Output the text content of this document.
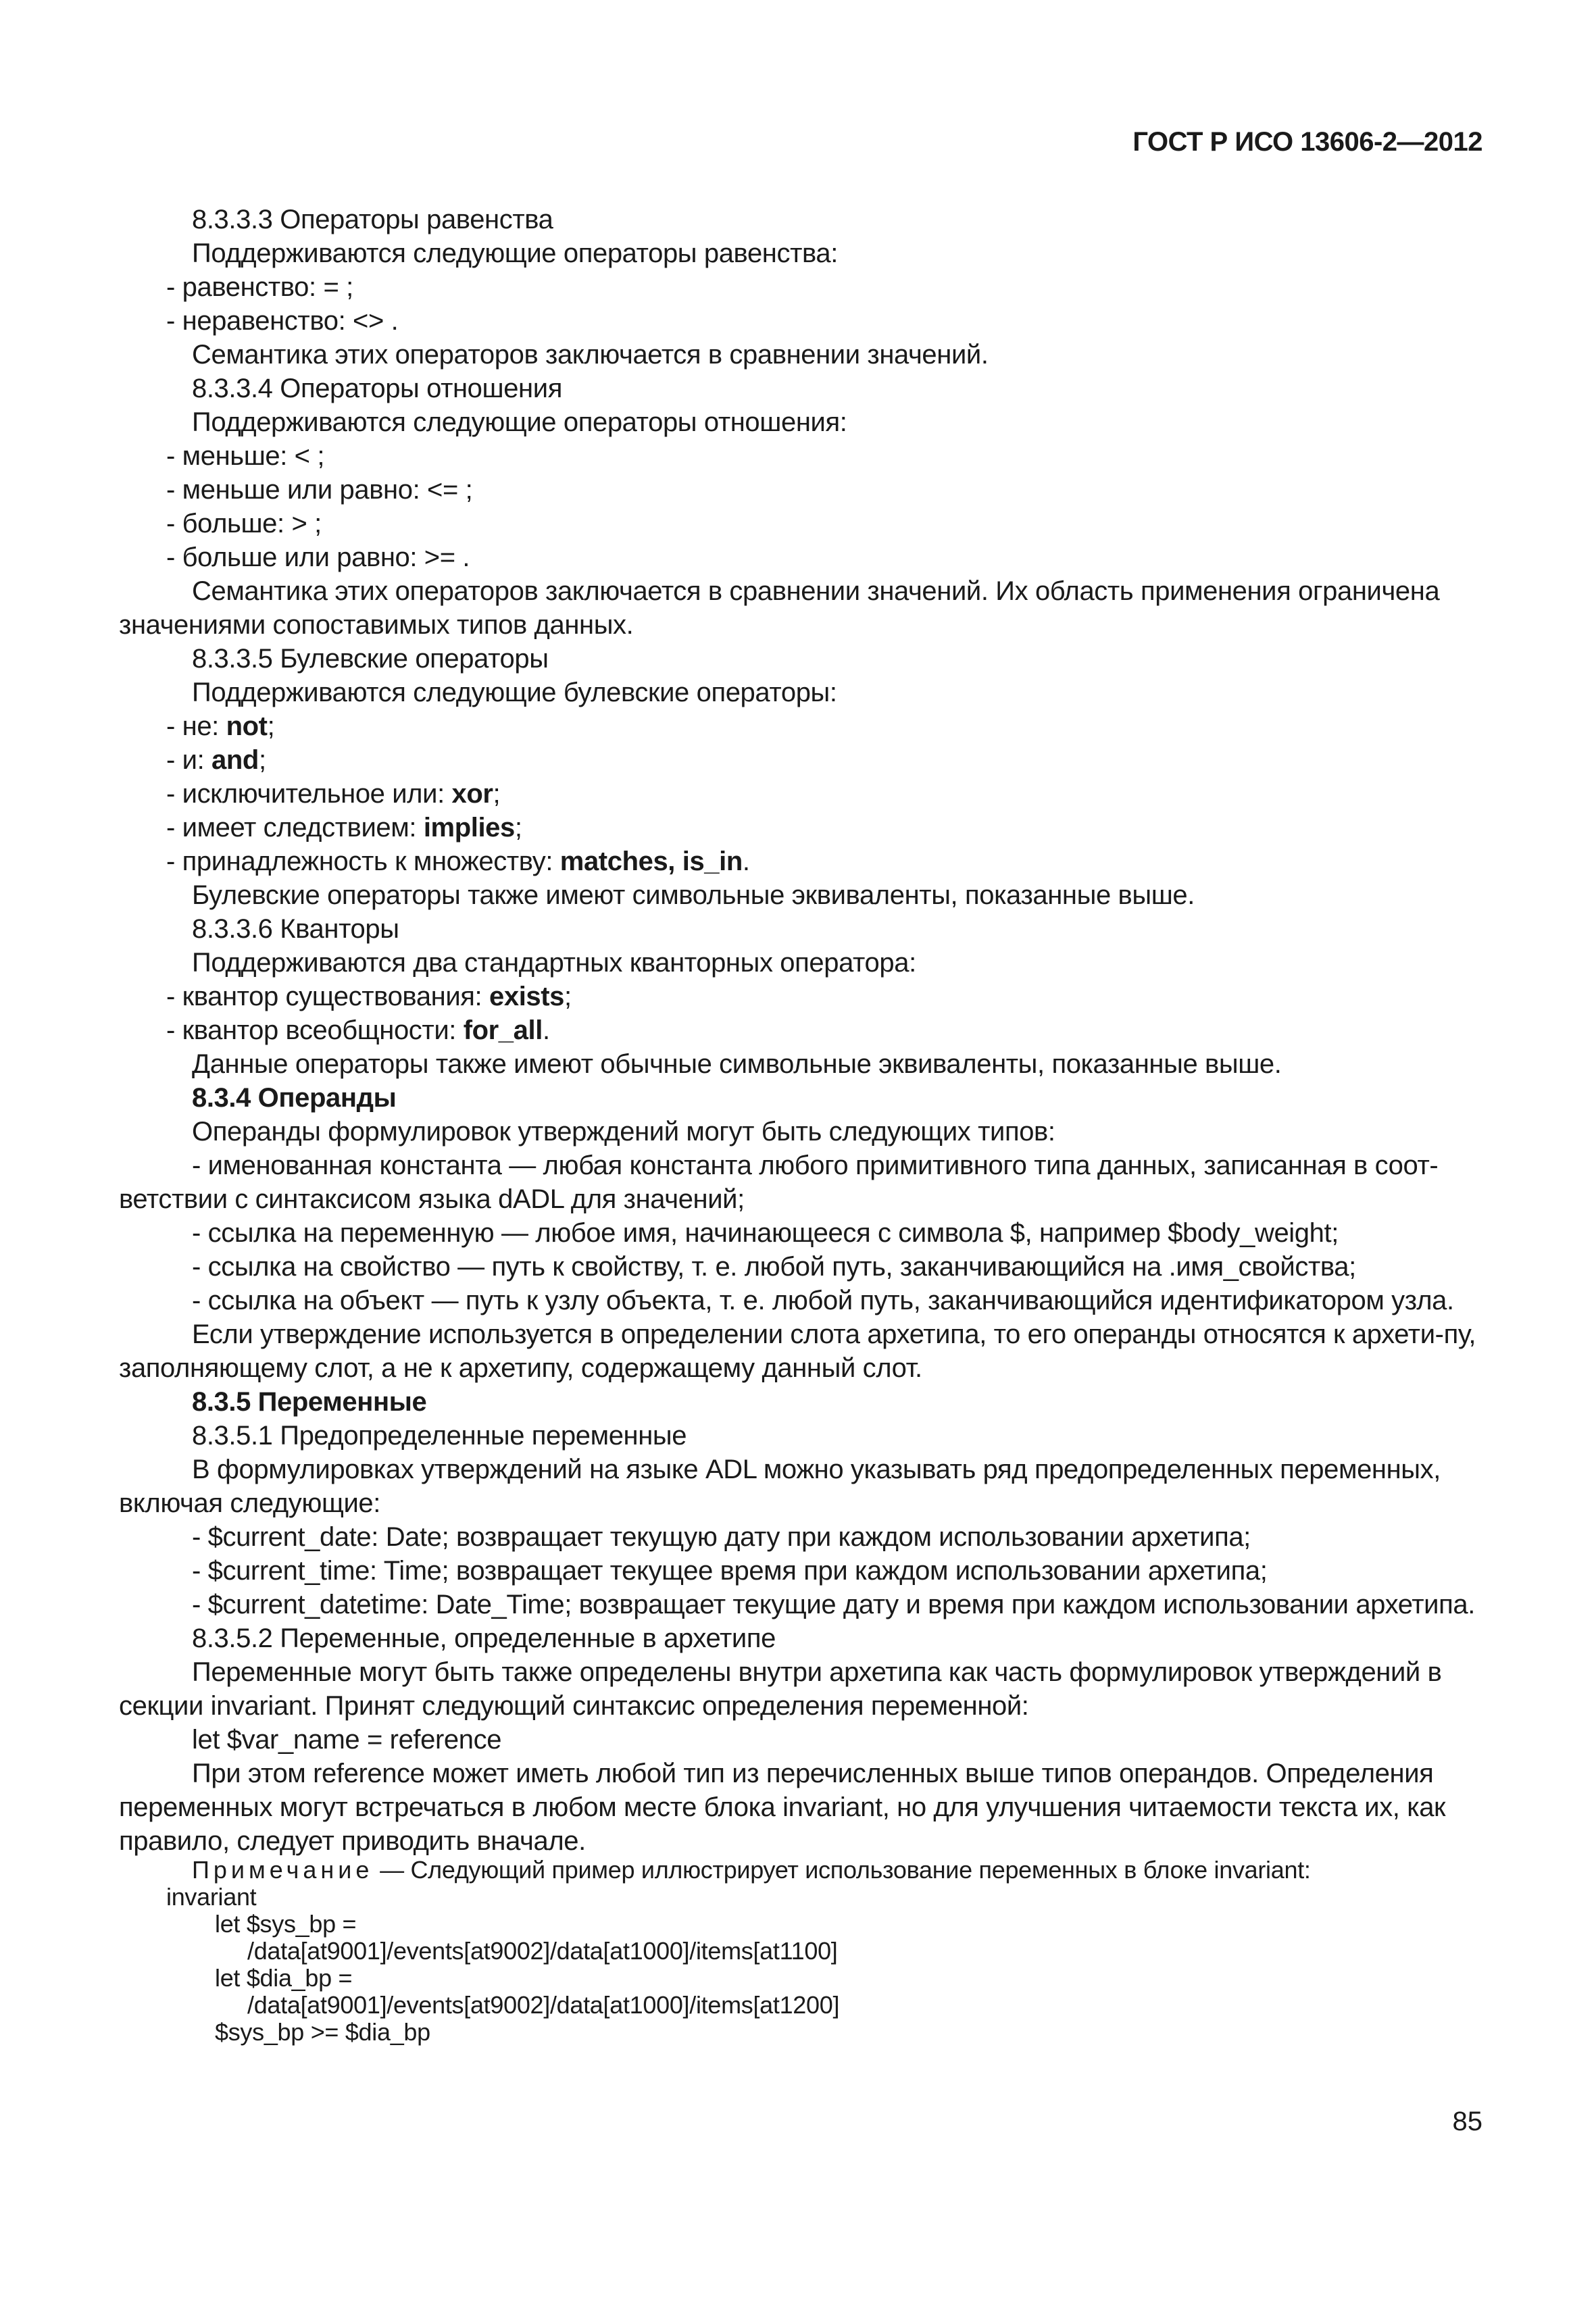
ГОСТ Р ИСО 13606-2—2012

8.3.3.3 Операторы равенства

Поддерживаются следующие операторы равенства:

- равенство: = ;

- неравенство: <> .

Семантика этих операторов заключается в сравнении значений.

8.3.3.4 Операторы отношения

Поддерживаются следующие операторы отношения:

- меньше: < ;

- меньше или равно: <= ;

- больше: > ;

- больше или равно: >= .

Семантика этих операторов заключается в сравнении значений. Их область применения ограничена значениями сопоставимых типов данных.

8.3.3.5 Булевские операторы

Поддерживаются следующие булевские операторы:

- не: not;

- и: and;

- исключительное или: xor;

- имеет следствием: implies;

- принадлежность к множеству: matches, is_in.

Булевские операторы также имеют символьные эквиваленты, показанные выше.

8.3.3.6 Кванторы

Поддерживаются два стандартных кванторных оператора:

- квантор существования: exists;

- квантор всеобщности: for_all.

Данные операторы также имеют обычные символьные эквиваленты, показанные выше.

8.3.4 Операнды

Операнды формулировок утверждений могут быть следующих типов:

- именованная константа — любая константа любого примитивного типа данных, записанная в соот-ветствии с синтаксисом языка dADL для значений;

- ссылка на переменную — любое имя, начинающееся с символа $, например $body_weight;

- ссылка на свойство — путь к свойству, т. е. любой путь, заканчивающийся на .имя_свойства;

- ссылка на объект — путь к узлу объекта, т. е. любой путь, заканчивающийся идентификатором узла.

Если утверждение используется в определении слота архетипа, то его операнды относятся к архети-пу, заполняющему слот, а не к архетипу, содержащему данный слот.

8.3.5 Переменные

8.3.5.1 Предопределенные переменные

В формулировках утверждений на языке ADL можно указывать ряд предопределенных переменных, включая следующие:

- $current_date: Date; возвращает текущую дату при каждом использовании архетипа;

- $current_time: Time; возвращает текущее время при каждом использовании архетипа;

- $current_datetime: Date_Time; возвращает текущие дату и время при каждом использовании архетипа.

8.3.5.2 Переменные, определенные в архетипе

Переменные могут быть также определены внутри архетипа как часть формулировок утверждений в секции invariant. Принят следующий синтаксис определения переменной:

let $var_name = reference

При этом reference может иметь любой тип из перечисленных выше типов операндов. Определения переменных могут встречаться в любом месте блока invariant, но для улучшения читаемости текста их, как правило, следует приводить вначале.

Примечание — Следующий пример иллюстрирует использование переменных в блоке invariant:

invariant

let $sys_bp =

/data[at9001]/events[at9002]/data[at1000]/items[at1100]

let $dia_bp =

/data[at9001]/events[at9002]/data[at1000]/items[at1200]

$sys_bp >= $dia_bp

85
